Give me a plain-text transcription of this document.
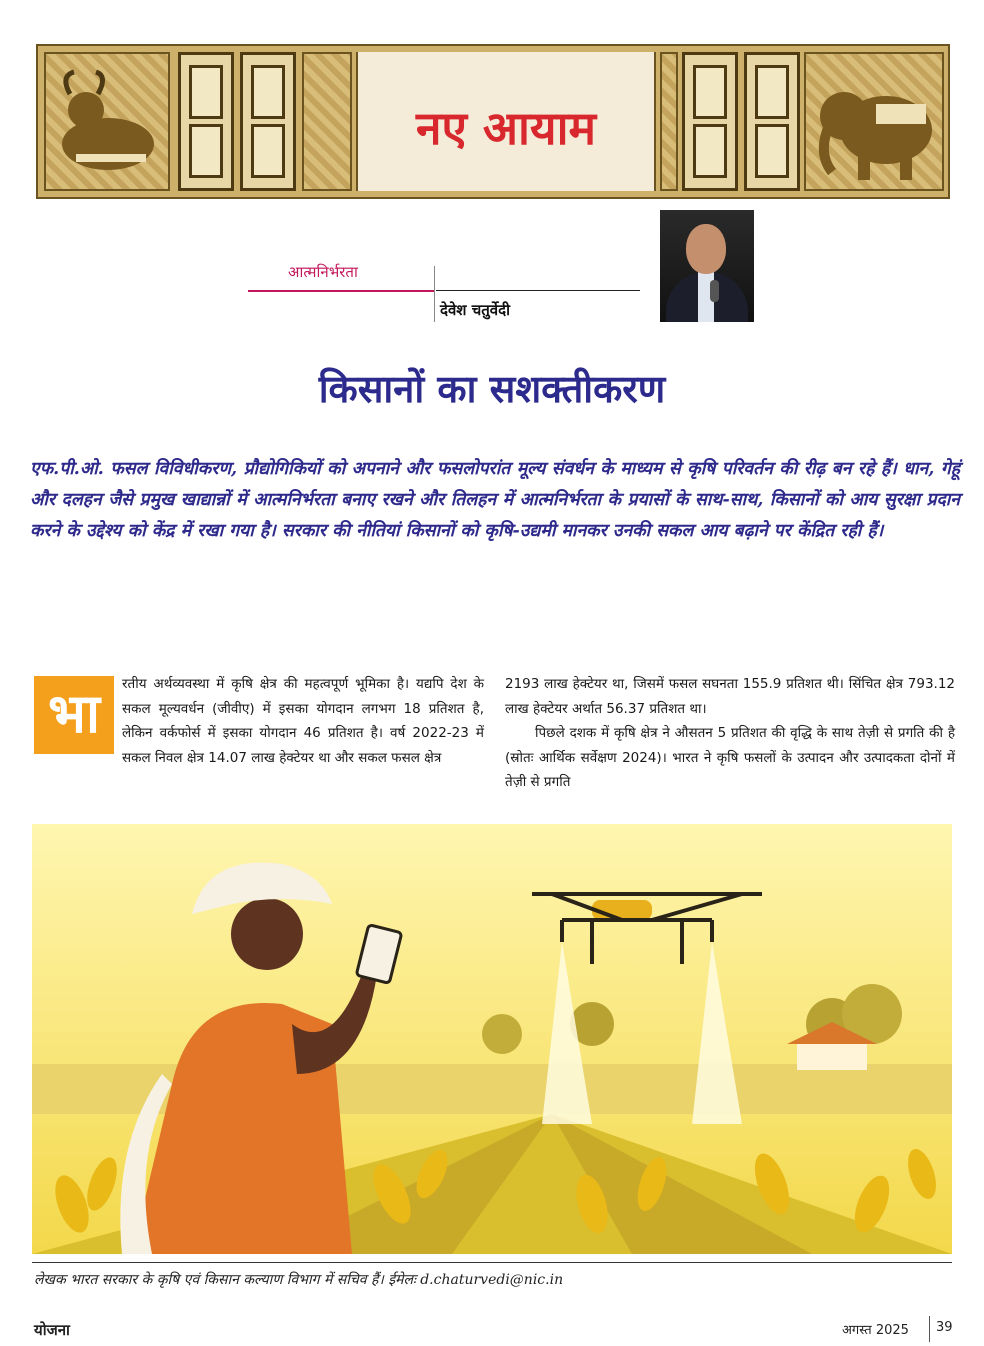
नए आयाम
आत्मनिर्भरता
देवेश चतुर्वेदी
किसानों का सशक्तीकरण
एफ.पी.ओ. फसल विविधीकरण, प्रौद्योगिकियों को अपनाने और फसलोपरांत मूल्य संवर्धन के माध्यम से कृषि परिवर्तन की रीढ़ बन रहे हैं। धान, गेहूं और दलहन जैसे प्रमुख खाद्यान्नों में आत्मनिर्भरता बनाए रखने और तिलहन में आत्मनिर्भरता के प्रयासों के साथ-साथ, किसानों को आय सुरक्षा प्रदान करने के उद्देश्य को केंद्र में रखा गया है। सरकार की नीतियां किसानों को कृषि-उद्यमी मानकर उनकी सकल आय बढ़ाने पर केंद्रित रही हैं।
भा	रतीय अर्थव्यवस्था में कृषि क्षेत्र की महत्वपूर्ण भूमिका है। यद्यपि देश के सकल मूल्यवर्धन (जीवीए) में इसका योगदान लगभग 18 प्रतिशत है, लेकिन वर्कफोर्स में इसका योगदान 46 प्रतिशत है। वर्ष 2022-23 में सकल निवल क्षेत्र 14.07 लाख हेक्टेयर था और सकल फसल क्षेत्र
2193 लाख हेक्टेयर था, जिसमें फसल सघनता 155.9 प्रतिशत थी। सिंचित क्षेत्र 793.12 लाख हेक्टेयर अर्थात 56.37 प्रतिशत था।
पिछले दशक में कृषि क्षेत्र ने औसतन 5 प्रतिशत की वृद्धि के साथ तेज़ी से प्रगति की है (स्रोतः आर्थिक सर्वेक्षण 2024)। भारत ने कृषि फसलों के उत्पादन और उत्पादकता दोनों में तेज़ी से प्रगति
लेखक भारत सरकार के कृषि एवं किसान कल्याण विभाग में सचिव हैं। ईमेलः d.chaturvedi@nic.in
योजना	अगस्त 2025 39
